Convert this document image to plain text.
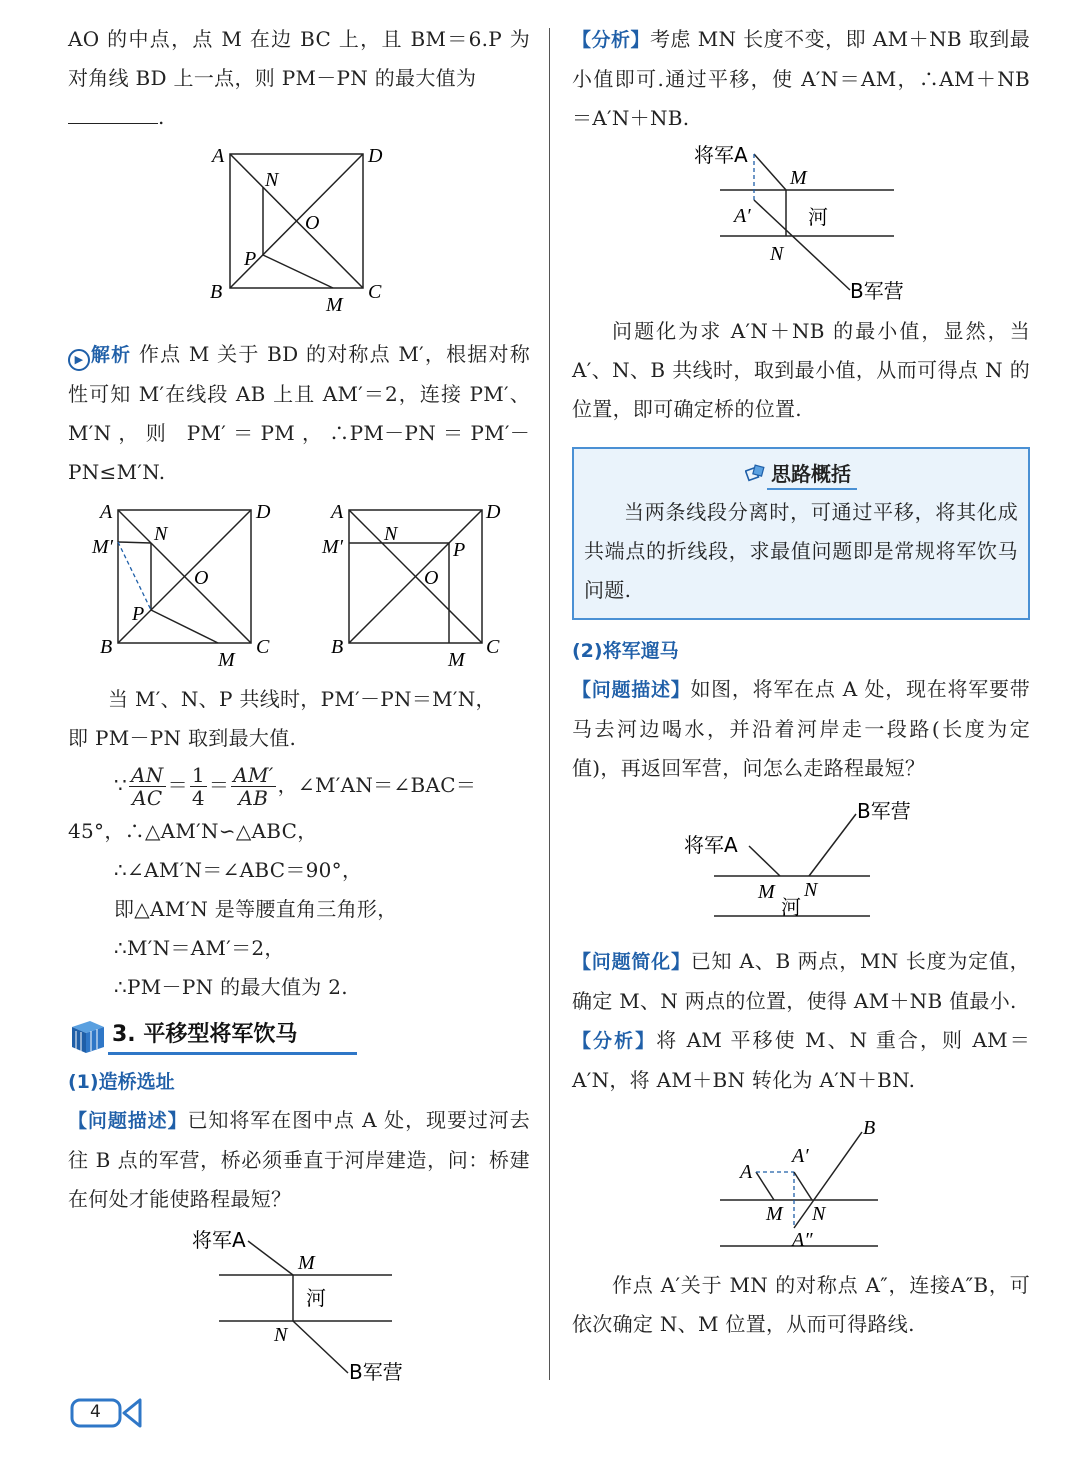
AO 的中点，点 M 在边 BC 上，且 BM＝6.P 为对角线 BD 上一点，则 PM－PN 的最大值为

.

A	D
N
O
P
B	C
M

▶ 解析 作点 M 关于 BD 的对称点 M′，根据对称性可知 M′在线段 AB 上且 AM′＝2，连接 PM′、M′N，则 PM′＝PM，∴PM－PN＝PM′－PN≤M′N.

A	D
N
M′
O
P
B	C
M
A	D
N
M′	P
O
B	C
M

当 M′、N、P 共线时，PM′－PN＝M′N，

即 PM－PN 取到最大值.

∵ $\frac{AN}{AC} = \frac{1}{4} = \frac{AM'}{AB}$ ，∠M′AN＝∠BAC＝

45°，∴△AM′N∽△ABC，

∴∠AM′N＝∠ABC＝90°，

即△AM′N 是等腰直角三角形，

∴M′N＝AM′＝2，

∴PM－PN 的最大值为 2.

3. 平移型将军饮马

(1)造桥选址

【问题描述】已知将军在图中点 A 处，现要过河去往 B 点的军营，桥必须垂直于河岸建造，问：桥建在何处才能使路程最短？

将军A
M
河
N
B军营

【分析】考虑 MN 长度不变，即 AM＋NB 取到最小值即可.通过平移，使 A′N＝AM，∴AM＋NB＝A′N＋NB.

将军A
M
A′	河
N
B军营

问题化为求 A′N＋NB 的最小值，显然，当 A′、N、B 共线时，取到最小值，从而可得点 N 的位置，即可确定桥的位置.

思路概括

当两条线段分离时，可通过平移，将其化成共端点的折线段，求最值问题即是常规将军饮马问题.

(2)将军遛马

【问题描述】如图，将军在点 A 处，现在将军要带马去河边喝水，并沿着河岸走一段路(长度为定值)，再返回军营，问怎么走路程最短？

将军A
B军营
M N
河

【问题简化】已知 A、B 两点，MN 长度为定值，确定 M、N 两点的位置，使得 AM＋NB 值最小.

【分析】将 AM 平移使 M、N 重合，则 AM＝A′N，将 AM＋BN 转化为 A′N＋BN.

A
A′
B
M N
A″

作点 A′关于 MN 的对称点 A″，连接A″B，可依次确定 N、M 位置，从而可得路线.

4
